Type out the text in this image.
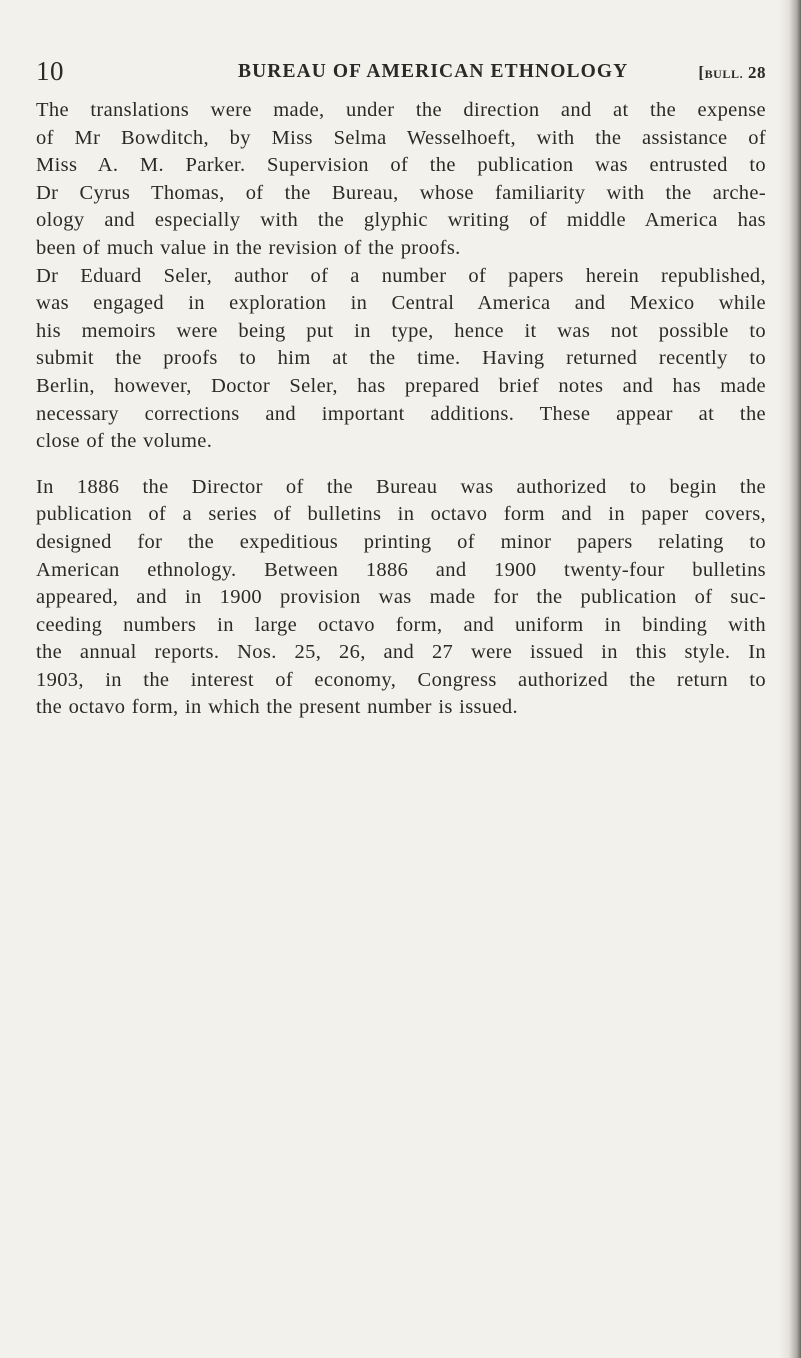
10	BUREAU OF AMERICAN ETHNOLOGY	[BULL. 28

The translations were made, under the direction and at the expense
of Mr Bowditch, by Miss Selma Wesselhoeft, with the assistance of
Miss A. M. Parker. Supervision of the publication was entrusted to
Dr Cyrus Thomas, of the Bureau, whose familiarity with the arche-
ology and especially with the glyphic writing of middle America has
been of much value in the revision of the proofs.

Dr Eduard Seler, author of a number of papers herein republished,
was engaged in exploration in Central America and Mexico while
his memoirs were being put in type, hence it was not possible to
submit the proofs to him at the time. Having returned recently to
Berlin, however, Doctor Seler, has prepared brief notes and has made
necessary corrections and important additions. These appear at the
close of the volume.

In 1886 the Director of the Bureau was authorized to begin the
publication of a series of bulletins in octavo form and in paper covers,
designed for the expeditious printing of minor papers relating to
American ethnology. Between 1886 and 1900 twenty-four bulletins
appeared, and in 1900 provision was made for the publication of suc-
ceeding numbers in large octavo form, and uniform in binding with
the annual reports. Nos. 25, 26, and 27 were issued in this style. In
1903, in the interest of economy, Congress authorized the return to
the octavo form, in which the present number is issued.
